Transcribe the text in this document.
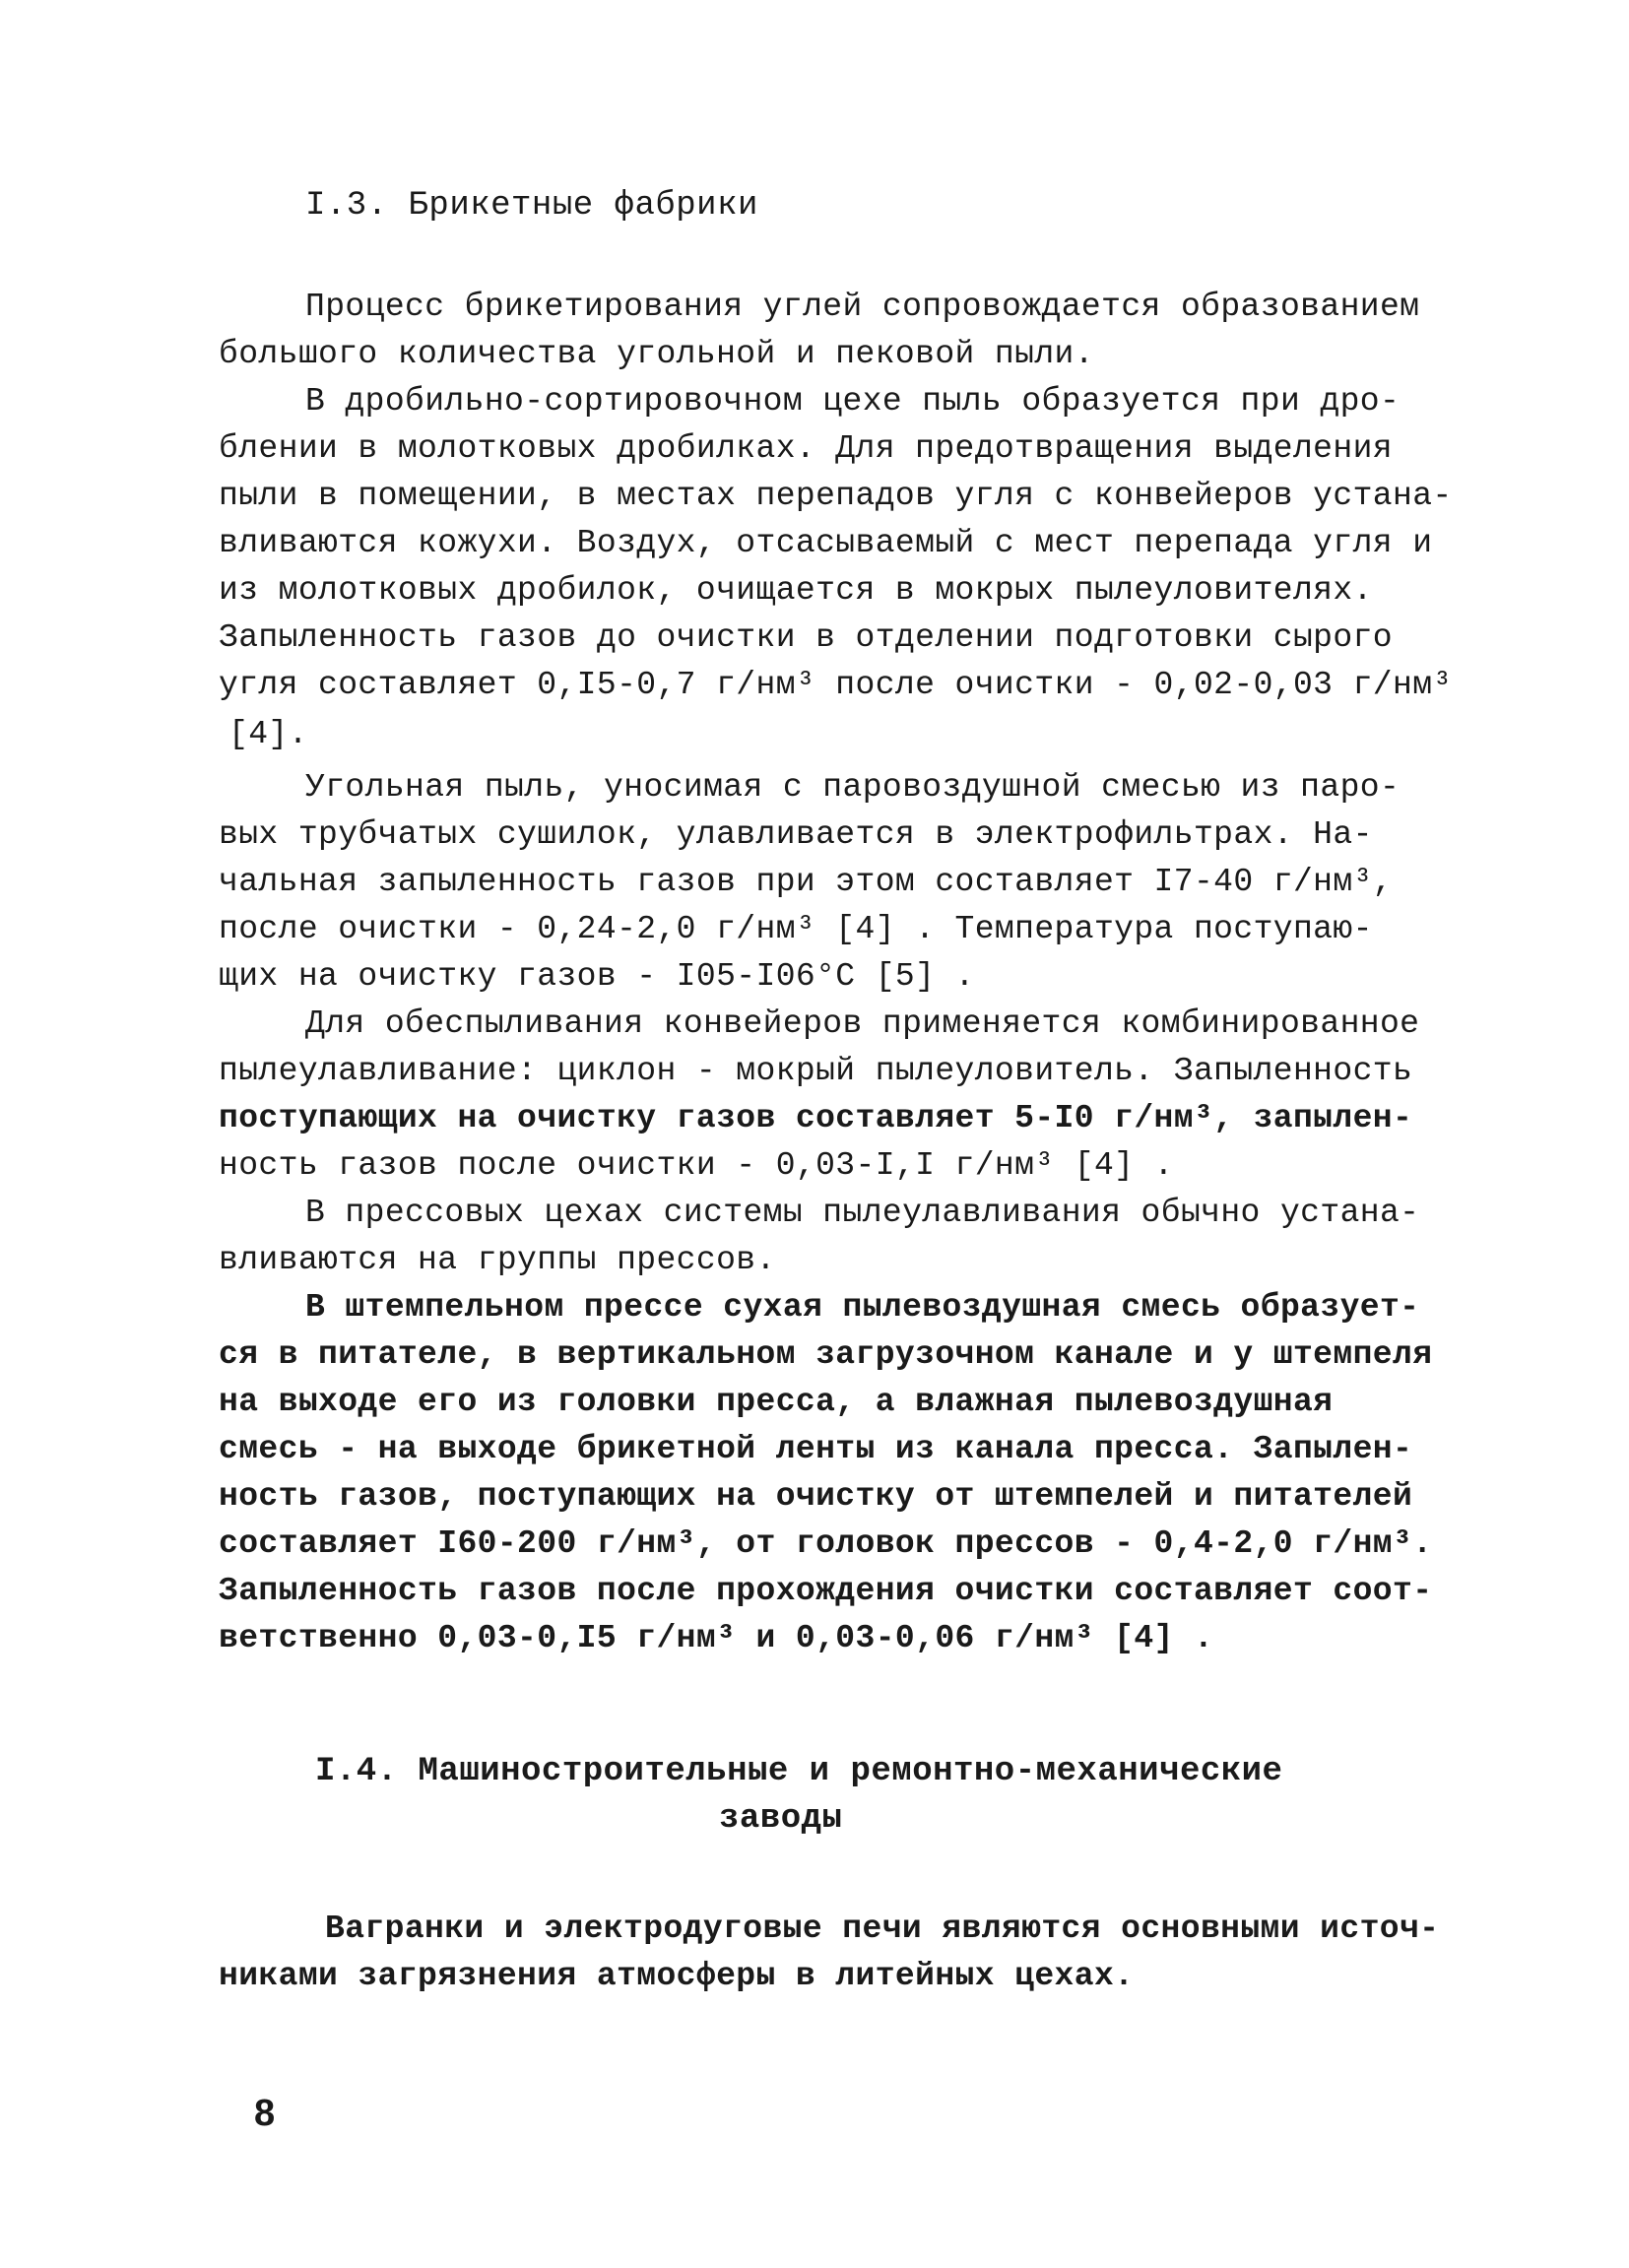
I.3. Брикетные фабрики
Процесс брикетирования углей сопровождается образованием
большого количества угольной и пековой пыли.
В дробильно-сортировочном цехе пыль образуется при дро-
блении в молотковых дробилках. Для предотвращения выделения
пыли в помещении, в местах перепадов угля с конвейеров устана-
вливаются кожухи. Воздух, отсасываемый с мест перепада угля и
из молотковых дробилок, очищается в мокрых пылеуловителях.
Запыленность газов до очистки в отделении подготовки сырого
угля составляет 0,I5-0,7 г/нм³ после очистки - 0,02-0,03 г/нм³
[4].
Угольная пыль, уносимая с паровоздушной смесью из паро-
вых трубчатых сушилок, улавливается в электрофильтрах. На-
чальная запыленность газов при этом составляет I7-40 г/нм³,
после очистки - 0,24-2,0 г/нм³ [4] . Температура поступаю-
щих на очистку газов - I05-I06°C [5] .
Для обеспыливания конвейеров применяется комбинированное
пылеулавливание: циклон - мокрый пылеуловитель. Запыленность
поступающих на очистку газов составляет 5-I0 г/нм³, запылен-
ность газов после очистки - 0,03-I,I г/нм³ [4] .
В прессовых цехах системы пылеулавливания обычно устана-
вливаются на группы прессов.
В штемпельном прессе сухая пылевоздушная смесь образует-
ся в питателе, в вертикальном загрузочном канале и у штемпеля
на выходе его из головки пресса, а влажная пылевоздушная
смесь - на выходе брикетной ленты из канала пресса. Запылен-
ность газов, поступающих на очистку от штемпелей и питателей
составляет I60-200 г/нм³, от головок прессов - 0,4-2,0 г/нм³.
Запыленность газов после прохождения очистки составляет соот-
ветственно 0,03-0,I5 г/нм³ и 0,03-0,06 г/нм³ [4] .
I.4. Машиностроительные и ремонтно-механические
заводы
Вагранки и электродуговые печи являются основными источ-
никами загрязнения атмосферы в литейных цехах.
8
